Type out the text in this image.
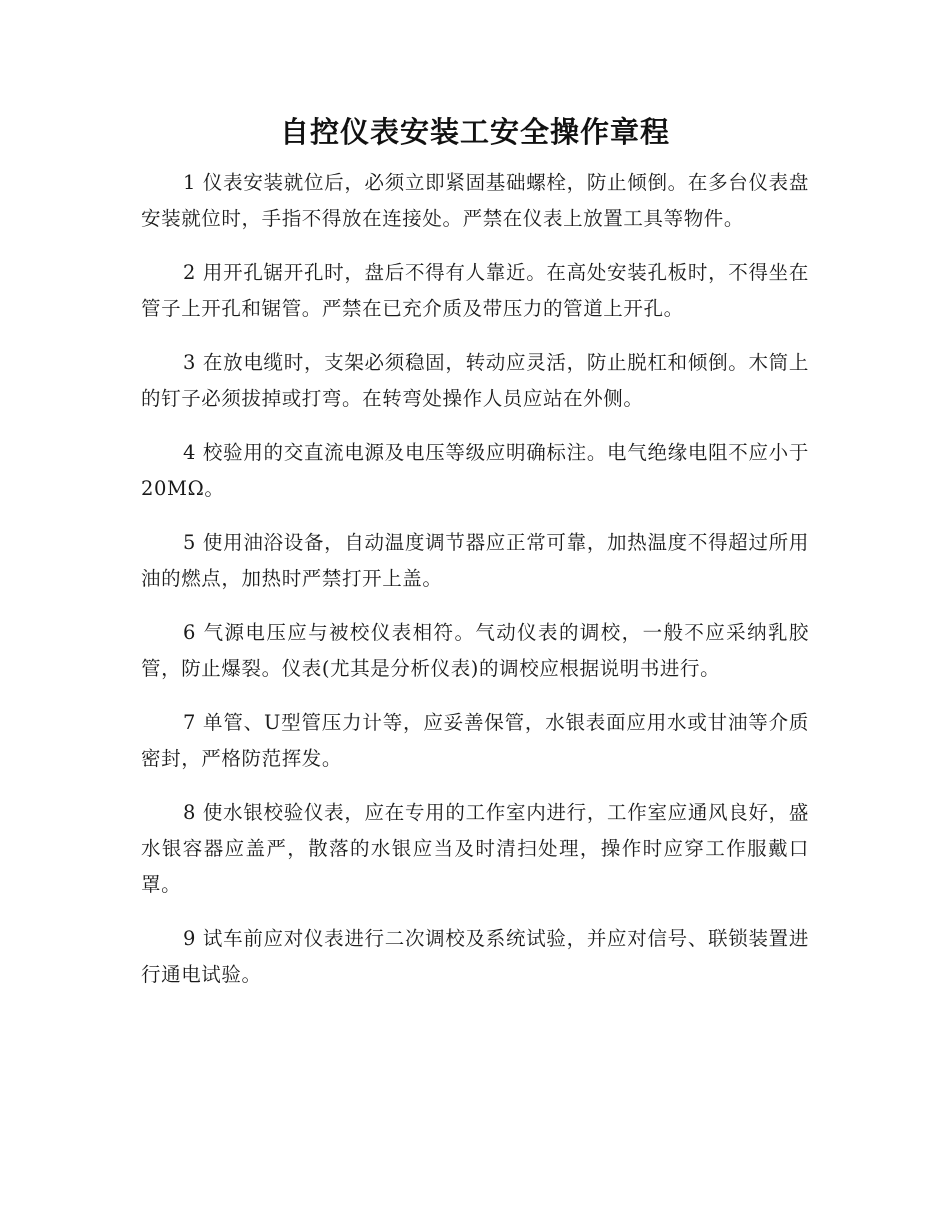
自控仪表安装工安全操作章程

1 仪表安装就位后，必须立即紧固基础螺栓，防止倾倒。在多台仪表盘安装就位时，手指不得放在连接处。严禁在仪表上放置工具等物件。

2 用开孔锯开孔时，盘后不得有人靠近。在高处安装孔板时，不得坐在管子上开孔和锯管。严禁在已充介质及带压力的管道上开孔。

3 在放电缆时，支架必须稳固，转动应灵活，防止脱杠和倾倒。木筒上的钉子必须拔掉或打弯。在转弯处操作人员应站在外侧。

4 校验用的交直流电源及电压等级应明确标注。电气绝缘电阻不应小于20MΩ。

5 使用油浴设备，自动温度调节器应正常可靠，加热温度不得超过所用油的燃点，加热时严禁打开上盖。

6 气源电压应与被校仪表相符。气动仪表的调校，一般不应采纳乳胶管，防止爆裂。仪表(尤其是分析仪表)的调校应根据说明书进行。

7 单管、U型管压力计等，应妥善保管，水银表面应用水或甘油等介质密封，严格防范挥发。

8 使水银校验仪表，应在专用的工作室内进行，工作室应通风良好，盛水银容器应盖严，散落的水银应当及时清扫处理，操作时应穿工作服戴口罩。

9 试车前应对仪表进行二次调校及系统试验，并应对信号、联锁装置进行通电试验。
